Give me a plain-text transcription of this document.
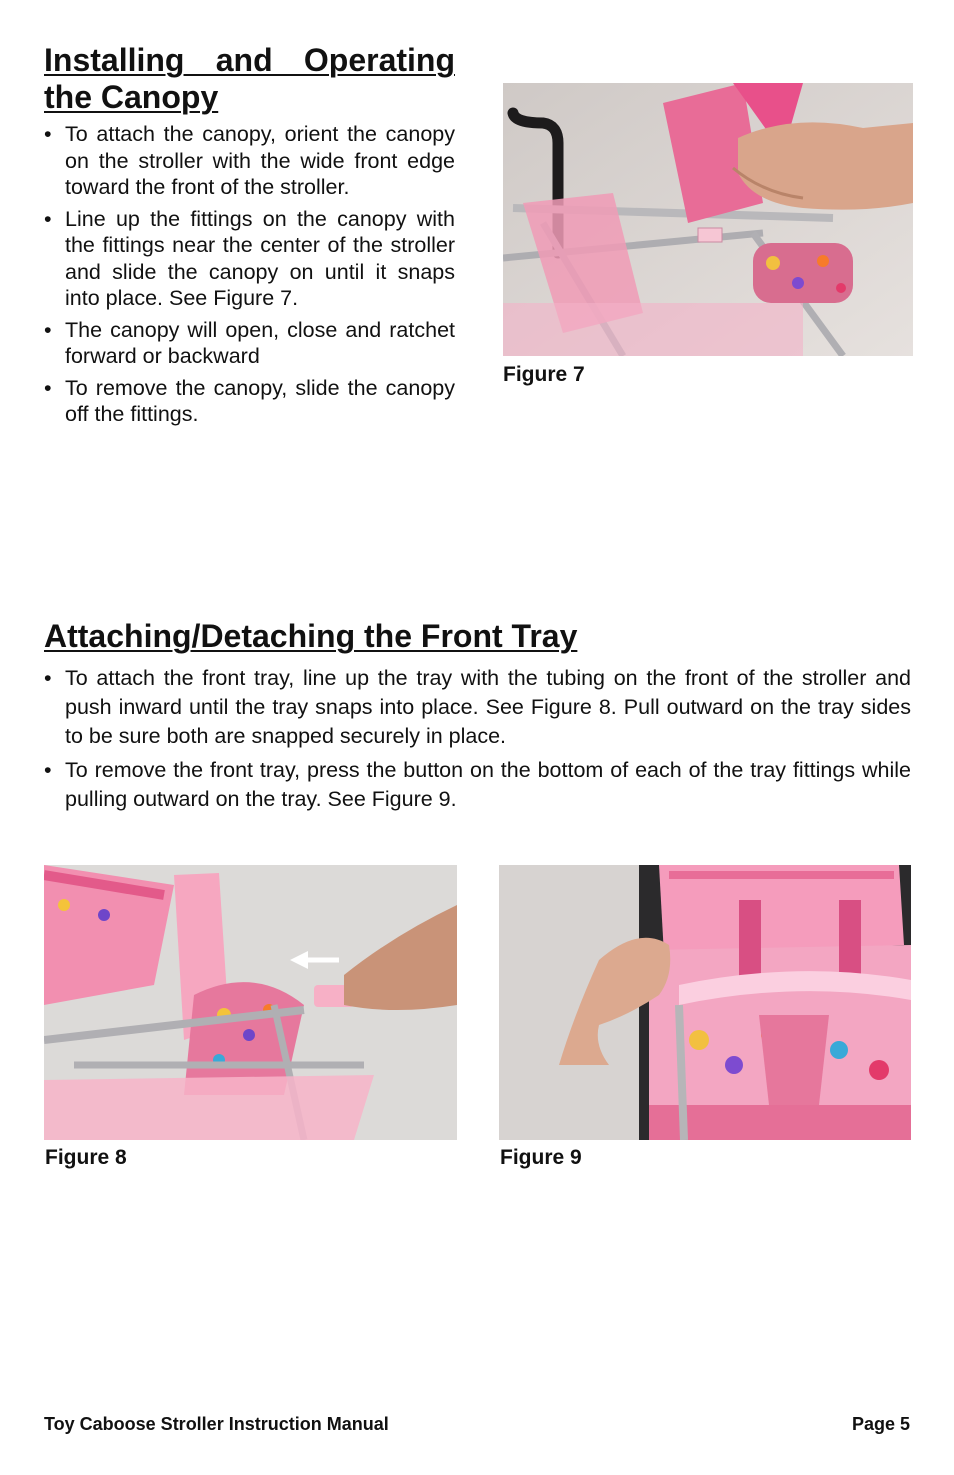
Installing and Operating the Canopy
• To attach the canopy, orient the canopy on the stroller with the wide front edge toward the front of the stroller.
• Line up the fittings on the canopy with the fittings near the center of the stroller and slide the canopy on until it snaps into place. See Figure 7.
• The canopy will open, close and ratchet forward or backward
• To remove the canopy, slide the canopy off the fittings.
Figure 7
Attaching/Detaching the Front Tray
• To attach the front tray, line up the tray with the tubing on the front of the stroller and push inward until the tray snaps into place. See Figure 8. Pull outward on the tray sides to be sure both are snapped securely in place.
• To remove the front tray, press the button on the bottom of each of the tray fittings while pulling outward on the tray. See Figure 9.
Figure 8	Figure 9
Toy Caboose Stroller Instruction Manual	Page 5
